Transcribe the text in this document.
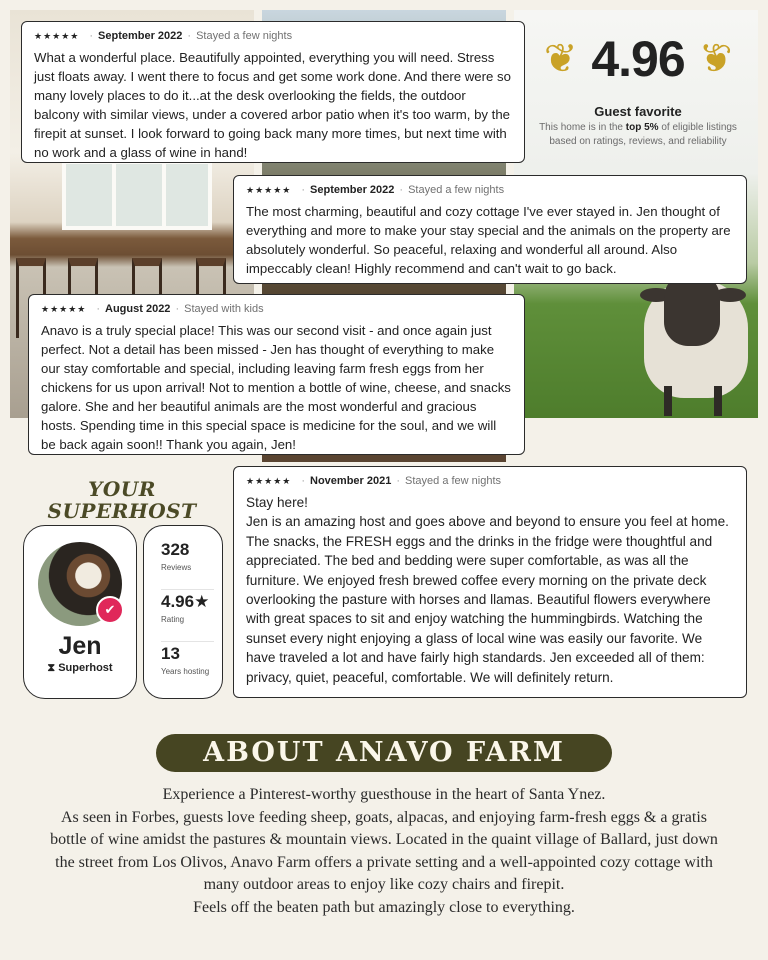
❦ 4.96 ❦
Guest favorite
This home is in the top 5% of eligible listings based on ratings, reviews, and reliability
★★★★★ · September 2022 · Stayed a few nights
What a wonderful place. Beautifully appointed, everything you will need. Stress just floats away. I went there to focus and get some work done. And there were so many lovely places to do it...at the desk overlooking the fields, the outdoor balcony with similar views, under a covered arbor patio when it's too warm, by the firepit at sunset. I look forward to going back many more times, but next time with no work and a glass of wine in hand!
★★★★★ · September 2022 · Stayed a few nights
The most charming, beautiful and cozy cottage I've ever stayed in. Jen thought of everything and more to make your stay special and the animals on the property are absolutely wonderful. So peaceful, relaxing and wonderful all around. Also impeccably clean! Highly recommend and can't wait to go back.
★★★★★ · August 2022 · Stayed with kids
Anavo is a truly special place! This was our second visit - and once again just perfect. Not a detail has been missed - Jen has thought of everything to make our stay comfortable and special, including leaving farm fresh eggs from her chickens for us upon arrival! Not to mention a bottle of wine, cheese, and snacks galore. She and her beautiful animals are the most wonderful and gracious hosts. Spending time in this special space is medicine for the soul, and we will be back again soon!! Thank you again, Jen!
★★★★★ · November 2021 · Stayed a few nights
Stay here!
Jen is an amazing host and goes above and beyond to ensure you feel at home. The snacks, the FRESH eggs and the drinks in the fridge were thoughtful and appreciated. The bed and bedding were super comfortable, as was all the furniture. We enjoyed fresh brewed coffee every morning on the private deck overlooking the pasture with horses and llamas. Beautiful flowers everywhere with great spaces to sit and enjoy watching the hummingbirds. Watching the sunset every night enjoying a glass of local wine was easily our favorite. We have traveled a lot and have fairly high standards. Jen exceeded all of them: privacy, quiet, peaceful, comfortable. We will definitely return.
YOUR
SUPERHOST
✔
Jen
⧗ Superhost
328
Reviews
4.96★
Rating
13
Years hosting
ABOUT ANAVO FARM
Experience a Pinterest-worthy guesthouse in the heart of Santa Ynez.
As seen in Forbes, guests love feeding sheep, goats, alpacas, and enjoying farm-fresh eggs & a gratis bottle of wine amidst the pastures & mountain views. Located in the quaint village of Ballard, just down the street from Los Olivos, Anavo Farm offers a private setting and a well-appointed cozy cottage with many outdoor areas to enjoy like cozy chairs and firepit.
Feels off the beaten path but amazingly close to everything.
